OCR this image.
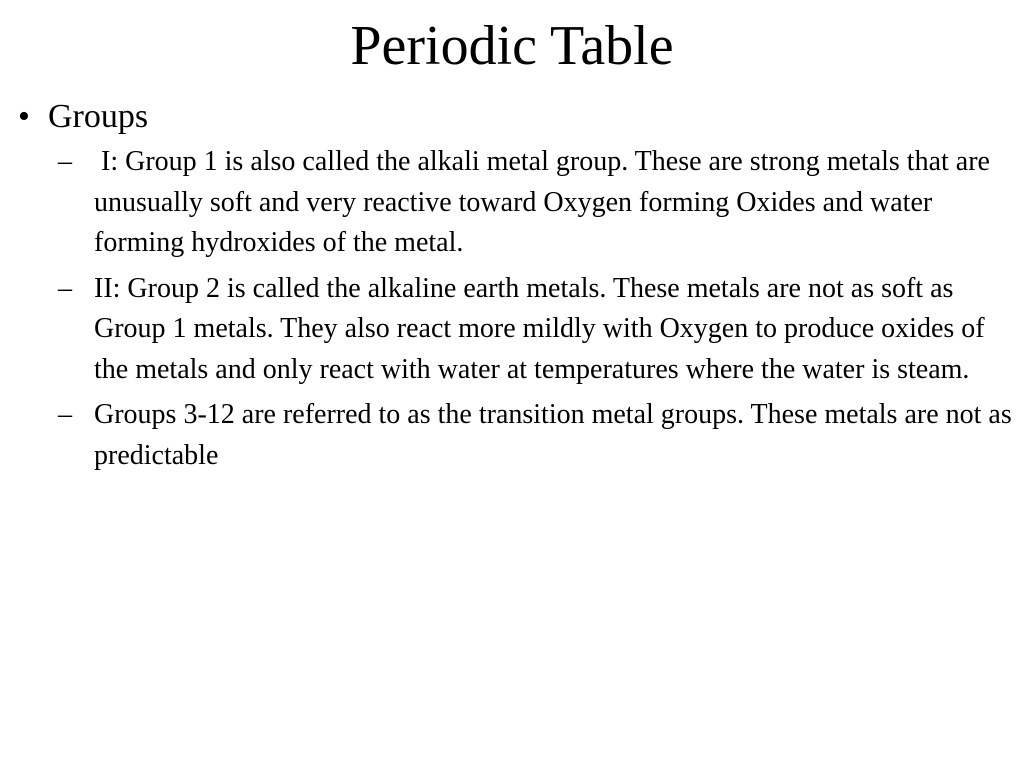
Periodic Table
• Groups
– I: Group 1 is also called the alkali metal group. These are strong metals that are unusually soft and very reactive toward Oxygen forming Oxides and water forming hydroxides of the metal.
– II: Group 2 is called the alkaline earth metals. These metals are not as soft as Group 1 metals. They also react more mildly with Oxygen to produce oxides of the metals and only react with water at temperatures where the water is steam.
– Groups 3-12 are referred to as the transition metal groups. These metals are not as predictable
